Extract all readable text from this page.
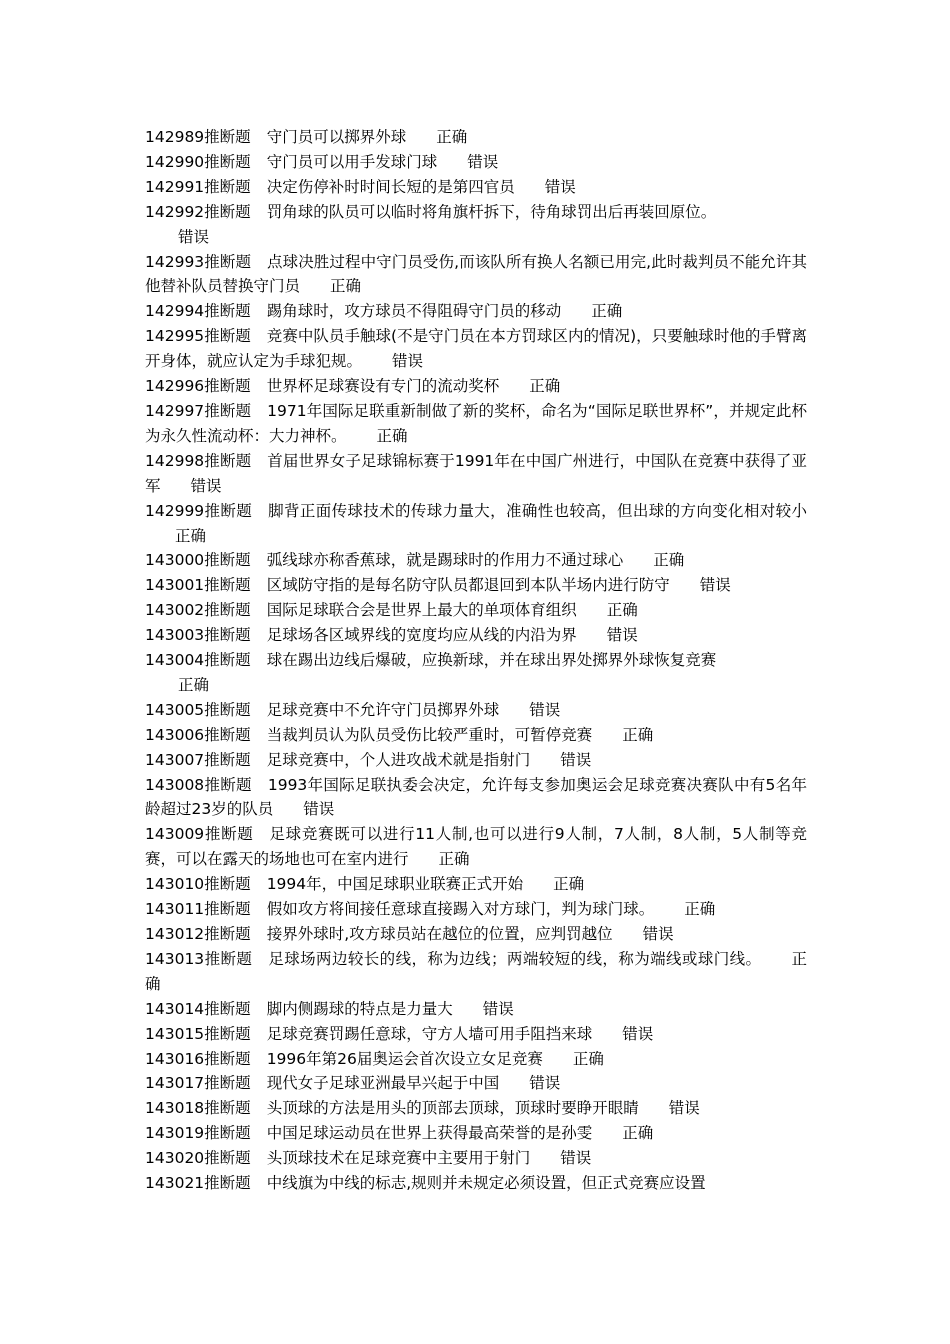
142989推断题 守门员可以掷界外球 正确

142990推断题 守门员可以用手发球门球 错误

142991推断题 决定伤停补时时间长短的是第四官员 错误

142992推断题 罚角球的队员可以临时将角旗杆拆下，待角球罚出后再装回原位。
错误

142993推断题 点球决胜过程中守门员受伤,而该队所有换人名额已用完,此时裁判员不能允许其他替补队员替换守门员 正确

142994推断题 踢角球时，攻方球员不得阻碍守门员的移动 正确

142995推断题 竞赛中队员手触球(不是守门员在本方罚球区内的情况)，只要触球时他的手臂离开身体，就应认定为手球犯规。 错误

142996推断题 世界杯足球赛设有专门的流动奖杯 正确

142997推断题 1971年国际足联重新制做了新的奖杯，命名为“国际足联世界杯”，并规定此杯为永久性流动杯：大力神杯。 正确

142998推断题 首届世界女子足球锦标赛于1991年在中国广州进行，中国队在竞赛中获得了亚军 错误

142999推断题 脚背正面传球技术的传球力量大，准确性也较高，但出球的方向变化相对较小正确

143000推断题 弧线球亦称香蕉球，就是踢球时的作用力不通过球心 正确

143001推断题 区域防守指的是每名防守队员都退回到本队半场内进行防守 错误

143002推断题 国际足球联合会是世界上最大的单项体育组织 正确

143003推断题 足球场各区域界线的宽度均应从线的内沿为界 错误

143004推断题 球在踢出边线后爆破，应换新球，并在球出界处掷界外球恢复竞赛
正确

143005推断题 足球竞赛中不允许守门员掷界外球 错误

143006推断题 当裁判员认为队员受伤比较严重时，可暂停竞赛 正确

143007推断题 足球竞赛中，个人进攻战术就是指射门 错误

143008推断题 1993年国际足联执委会决定，允许每支参加奥运会足球竞赛决赛队中有5名年龄超过23岁的队员 错误

143009推断题 足球竞赛既可以进行11人制,也可以进行9人制，7人制，8人制，5人制等竞赛，可以在露天的场地也可在室内进行 正确

143010推断题 1994年，中国足球职业联赛正式开始 正确

143011推断题 假如攻方将间接任意球直接踢入对方球门，判为球门球。 正确

143012推断题 接界外球时,攻方球员站在越位的位置，应判罚越位 错误

143013推断题 足球场两边较长的线，称为边线；两端较短的线，称为端线或球门线。 正确

143014推断题 脚内侧踢球的特点是力量大 错误

143015推断题 足球竞赛罚踢任意球，守方人墙可用手阻挡来球 错误

143016推断题 1996年第26届奥运会首次设立女足竞赛 正确

143017推断题 现代女子足球亚洲最早兴起于中国 错误

143018推断题 头顶球的方法是用头的顶部去顶球，顶球时要睁开眼睛 错误

143019推断题 中国足球运动员在世界上获得最高荣誉的是孙雯 正确

143020推断题 头顶球技术在足球竞赛中主要用于射门 错误

143021推断题 中线旗为中线的标志,规则并未规定必须设置，但正式竞赛应设置
